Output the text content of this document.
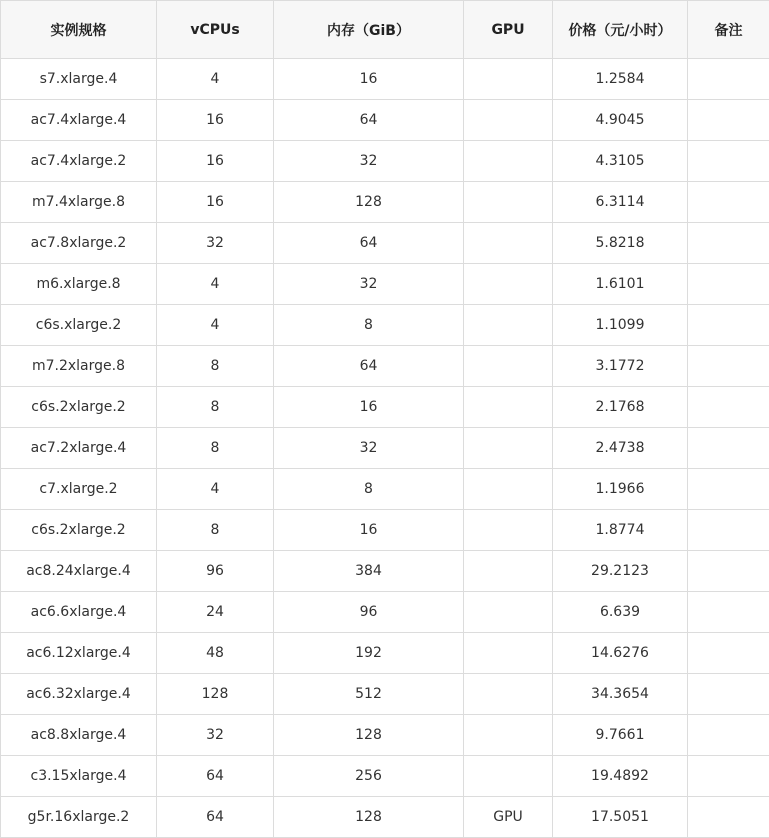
实例规格	vCPUs	内存（GiB）	GPU	价格（元/小时）	备注
s7.xlarge.4	4	16		1.2584	
ac7.4xlarge.4	16	64		4.9045	
ac7.4xlarge.2	16	32		4.3105	
m7.4xlarge.8	16	128		6.3114	
ac7.8xlarge.2	32	64		5.8218	
m6.xlarge.8	4	32		1.6101	
c6s.xlarge.2	4	8		1.1099	
m7.2xlarge.8	8	64		3.1772	
c6s.2xlarge.2	8	16		2.1768	
ac7.2xlarge.4	8	32		2.4738	
c7.xlarge.2	4	8		1.1966	
c6s.2xlarge.2	8	16		1.8774	
ac8.24xlarge.4	96	384		29.2123	
ac6.6xlarge.4	24	96		6.639	
ac6.12xlarge.4	48	192		14.6276	
ac6.32xlarge.4	128	512		34.3654	
ac8.8xlarge.4	32	128		9.7661	
c3.15xlarge.4	64	256		19.4892	
g5r.16xlarge.2	64	128	GPU	17.5051	
